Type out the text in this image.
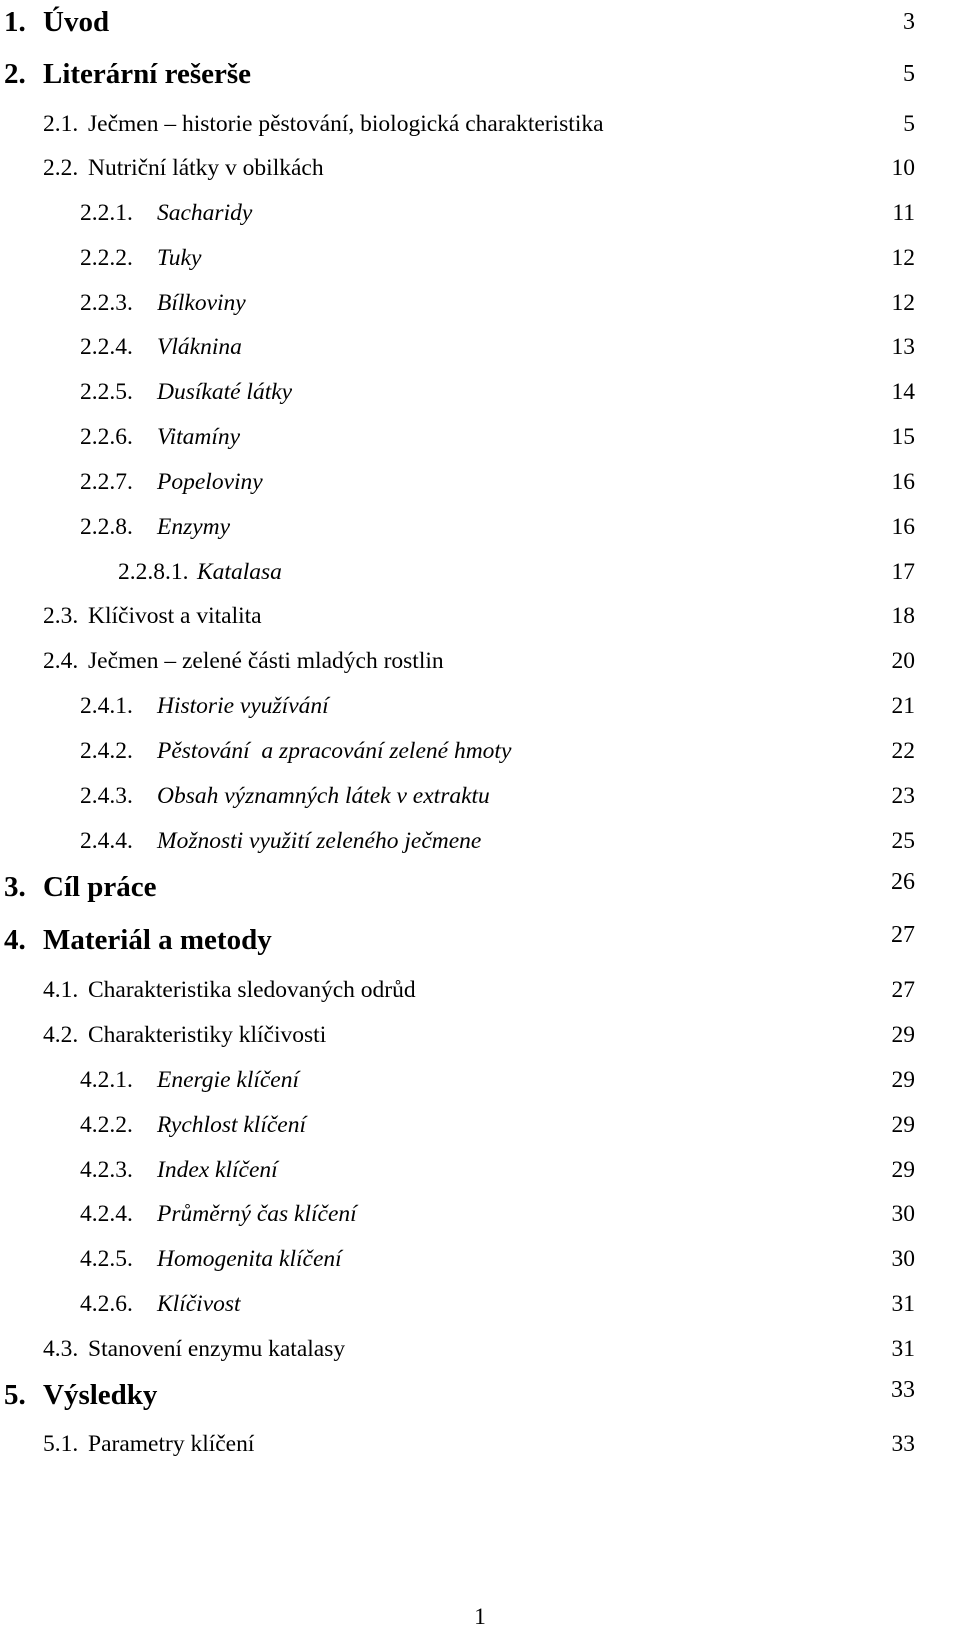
1. Úvod	3
2. Literární rešerše	5
2.1. Ječmen – historie pěstování, biologická charakteristika	5
2.2. Nutriční látky v obilkách	10
2.2.1. Sacharidy	11
2.2.2. Tuky	12
2.2.3. Bílkoviny	12
2.2.4. Vláknina	13
2.2.5. Dusíkaté látky	14
2.2.6. Vitamíny	15
2.2.7. Popeloviny	16
2.2.8. Enzymy	16
2.2.8.1. Katalasa	17
2.3. Klíčivost a vitalita	18
2.4. Ječmen – zelené části mladých rostlin	20
2.4.1. Historie využívání	21
2.4.2. Pěstování  a zpracování zelené hmoty	22
2.4.3. Obsah významných látek v extraktu	23
2.4.4. Možnosti využití zeleného ječmene	25
3. Cíl práce	26
4. Materiál a metody	27
4.1. Charakteristika sledovaných odrůd	27
4.2. Charakteristiky klíčivosti	29
4.2.1. Energie klíčení	29
4.2.2. Rychlost klíčení	29
4.2.3. Index klíčení	29
4.2.4. Průměrný čas klíčení	30
4.2.5. Homogenita klíčení	30
4.2.6. Klíčivost	31
4.3. Stanovení enzymu katalasy	31
5. Výsledky	33
5.1. Parametry klíčení	33
1
